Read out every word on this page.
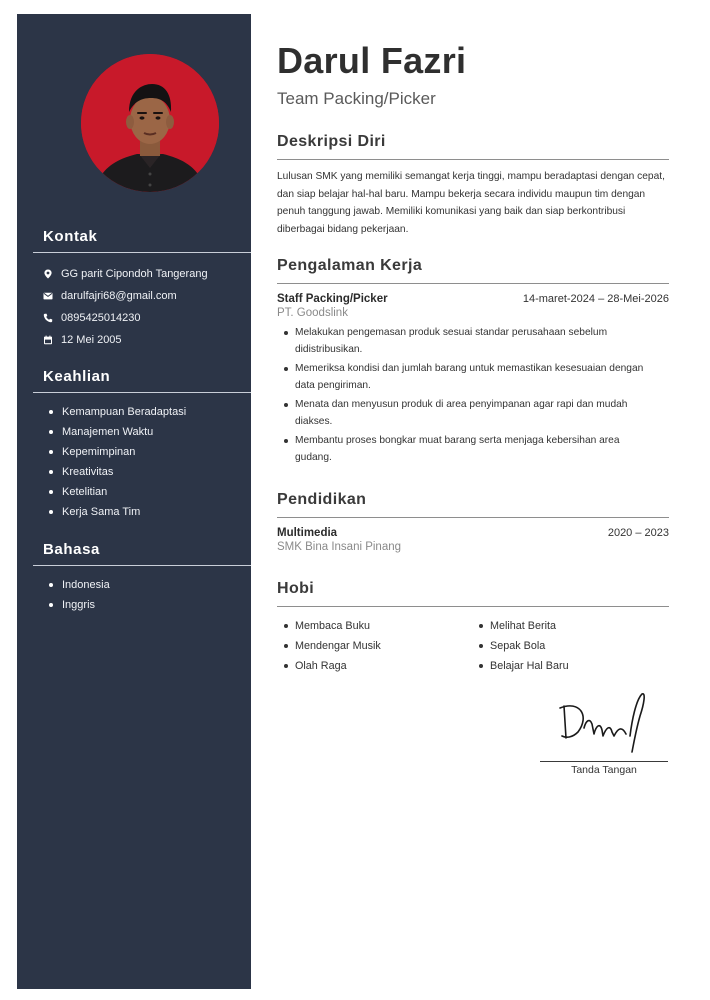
Kontak
GG parit Cipondoh Tangerang
darulfajri68@gmail.com
0895425014230
12 Mei 2005
Keahlian
Kemampuan Beradaptasi
Manajemen Waktu
Kepemimpinan
Kreativitas
Ketelitian
Kerja Sama Tim
Bahasa
Indonesia
Inggris
Darul Fazri
Team Packing/Picker
Deskripsi Diri

Lulusan SMK yang memiliki semangat kerja tinggi, mampu beradaptasi dengan cepat, dan siap belajar hal-hal baru. Mampu bekerja secara individu maupun tim dengan penuh tanggung jawab. Memiliki komunikasi yang baik dan siap berkontribusi diberbagai bidang pekerjaan.

Pengalaman Kerja
Staff Packing/Picker	14-maret-2024 – 28-Mei-2026
PT. Goodslink
Melakukan pengemasan produk sesuai standar perusahaan sebelum didistribusikan.
Memeriksa kondisi dan jumlah barang untuk memastikan kesesuaian dengan data pengiriman.
Menata dan menyusun produk di area penyimpanan agar rapi dan mudah diakses.
Membantu proses bongkar muat barang serta menjaga kebersihan area gudang.
Pendidikan
Multimedia	2020 – 2023
SMK Bina Insani Pinang
Hobi
Membaca Buku
Mendengar Musik
Olah Raga
Melihat Berita
Sepak Bola
Belajar Hal Baru
Tanda Tangan
